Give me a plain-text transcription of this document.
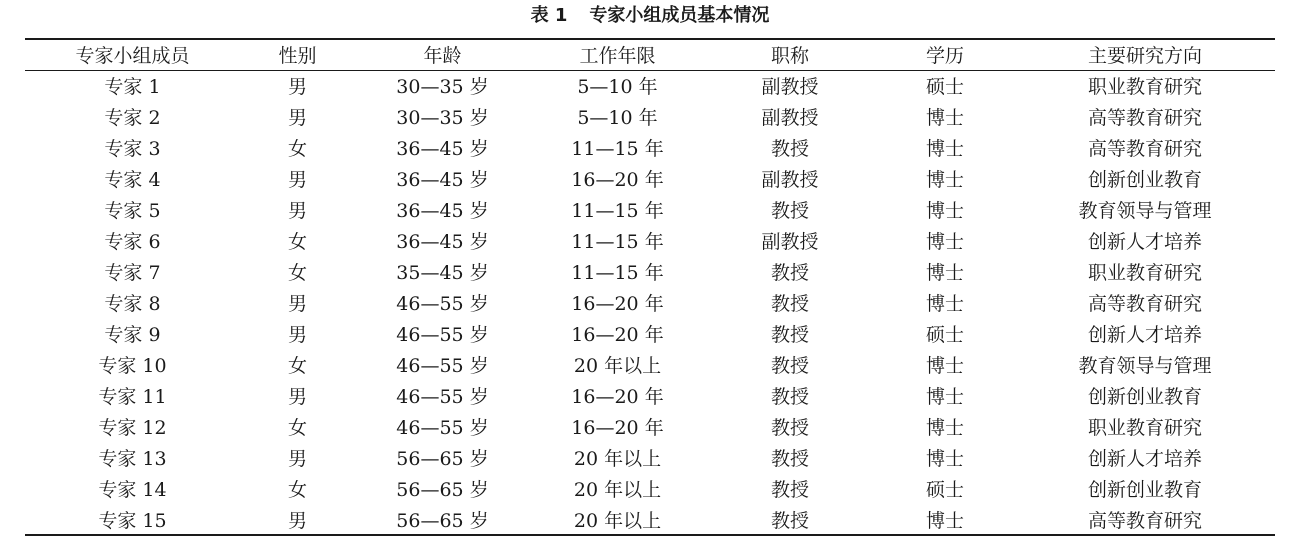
表 1 专家小组成员基本情况
专家小组成员	性别	年龄	工作年限	职称	学历	主要研究方向
专家 1	男	30—35 岁	5—10 年	副教授	硕士	职业教育研究
专家 2	男	30—35 岁	5—10 年	副教授	博士	高等教育研究
专家 3	女	36—45 岁	11—15 年	教授	博士	高等教育研究
专家 4	男	36—45 岁	16—20 年	副教授	博士	创新创业教育
专家 5	男	36—45 岁	11—15 年	教授	博士	教育领导与管理
专家 6	女	36—45 岁	11—15 年	副教授	博士	创新人才培养
专家 7	女	35—45 岁	11—15 年	教授	博士	职业教育研究
专家 8	男	46—55 岁	16—20 年	教授	博士	高等教育研究
专家 9	男	46—55 岁	16—20 年	教授	硕士	创新人才培养
专家 10	女	46—55 岁	20 年以上	教授	博士	教育领导与管理
专家 11	男	46—55 岁	16—20 年	教授	博士	创新创业教育
专家 12	女	46—55 岁	16—20 年	教授	博士	职业教育研究
专家 13	男	56—65 岁	20 年以上	教授	博士	创新人才培养
专家 14	女	56—65 岁	20 年以上	教授	硕士	创新创业教育
专家 15	男	56—65 岁	20 年以上	教授	博士	高等教育研究
